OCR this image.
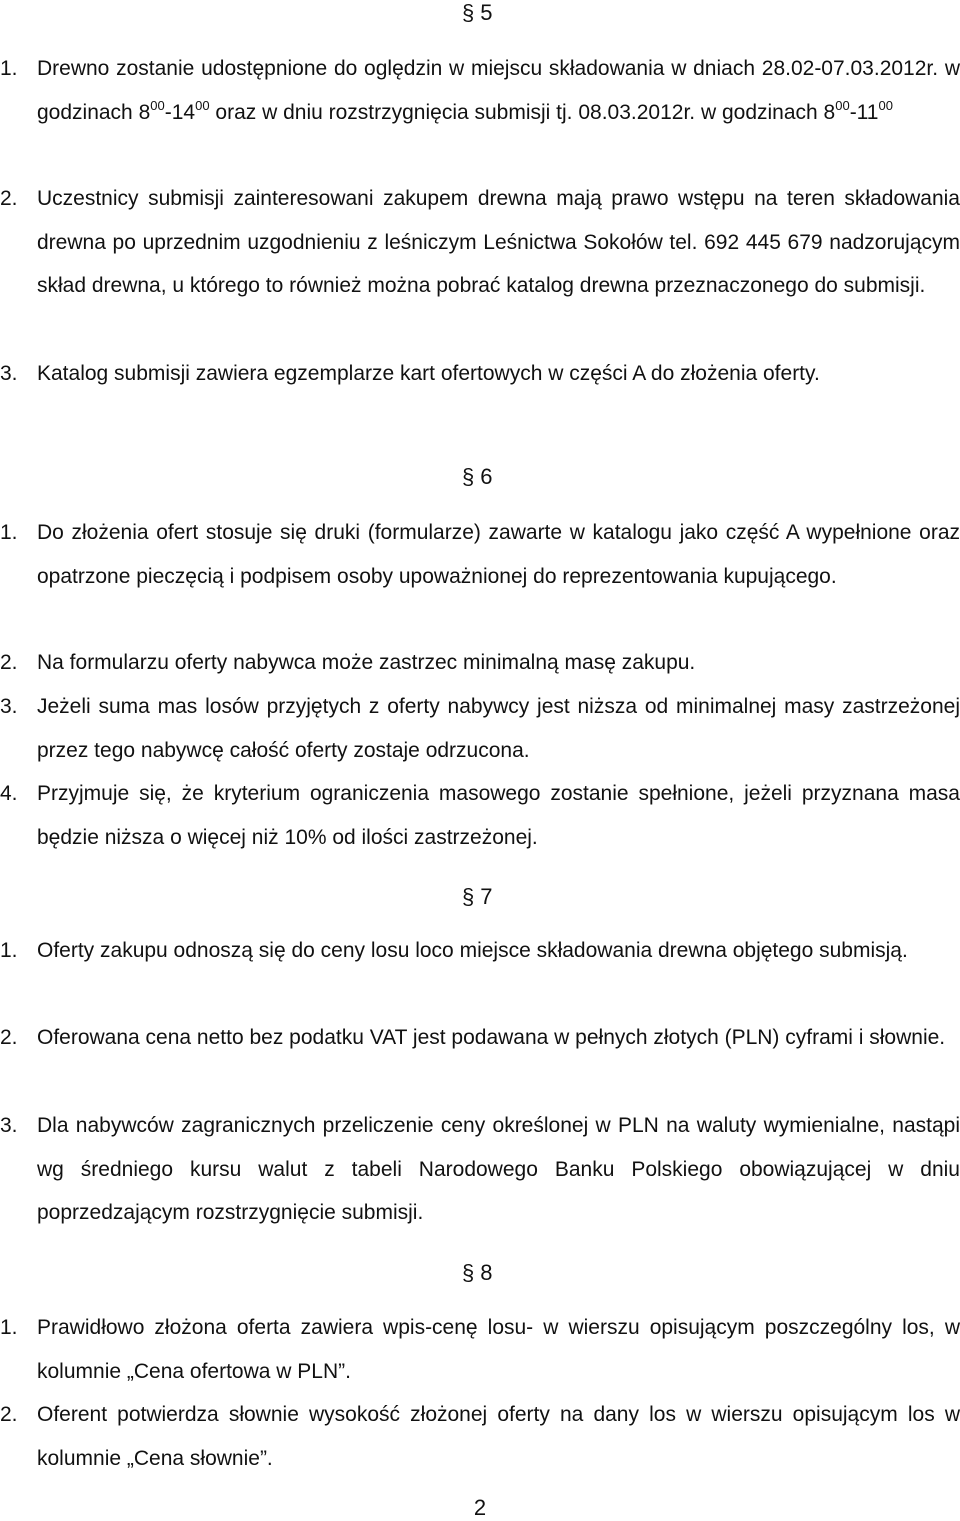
§ 5
1. Drewno zostanie udostępnione do oględzin w miejscu składowania w dniach 28.02-07.03.2012r. w godzinach $8^{00}-14^{00}$ oraz w dniu rozstrzygnięcia submisji tj. 08.03.2012r. w godzinach $8^{00}-11^{00}$
2. Uczestnicy submisji zainteresowani zakupem drewna mają prawo wstępu na teren składowania drewna po uprzednim uzgodnieniu z leśniczym Leśnictwa Sokołów tel. 692 445 679 nadzorującym skład drewna, u którego to również można pobrać katalog drewna przeznaczonego do submisji.
3. Katalog submisji zawiera egzemplarze kart ofertowych w części A do złożenia oferty.
§ 6
1. Do złożenia ofert stosuje się druki (formularze) zawarte w katalogu jako część A wypełnione oraz opatrzone pieczęcią i podpisem osoby upoważnionej do reprezentowania kupującego.
2. Na formularzu oferty nabywca może zastrzec minimalną masę zakupu.
3. Jeżeli suma mas losów przyjętych z oferty nabywcy jest niższa od minimalnej masy zastrzeżonej przez tego nabywcę całość oferty zostaje odrzucona.
4. Przyjmuje się, że kryterium ograniczenia masowego zostanie spełnione, jeżeli przyznana masa będzie niższa o więcej niż 10% od ilości zastrzeżonej.
§ 7
1. Oferty zakupu odnoszą się do ceny losu loco miejsce składowania drewna objętego submisją.
2. Oferowana cena netto bez podatku VAT jest podawana w pełnych złotych (PLN) cyframi i słownie.
3. Dla nabywców zagranicznych przeliczenie ceny określonej w PLN na waluty wymienialne, nastąpi wg średniego kursu walut z tabeli Narodowego Banku Polskiego obowiązującej w dniu poprzedzającym rozstrzygnięcie submisji.
§ 8
1. Prawidłowo złożona oferta zawiera wpis-cenę losu- w wierszu opisującym poszczególny los, w kolumnie „Cena ofertowa w PLN”.
2. Oferent potwierdza słownie wysokość złożonej oferty na dany los w wierszu opisującym los w kolumnie „Cena słownie”.
2
